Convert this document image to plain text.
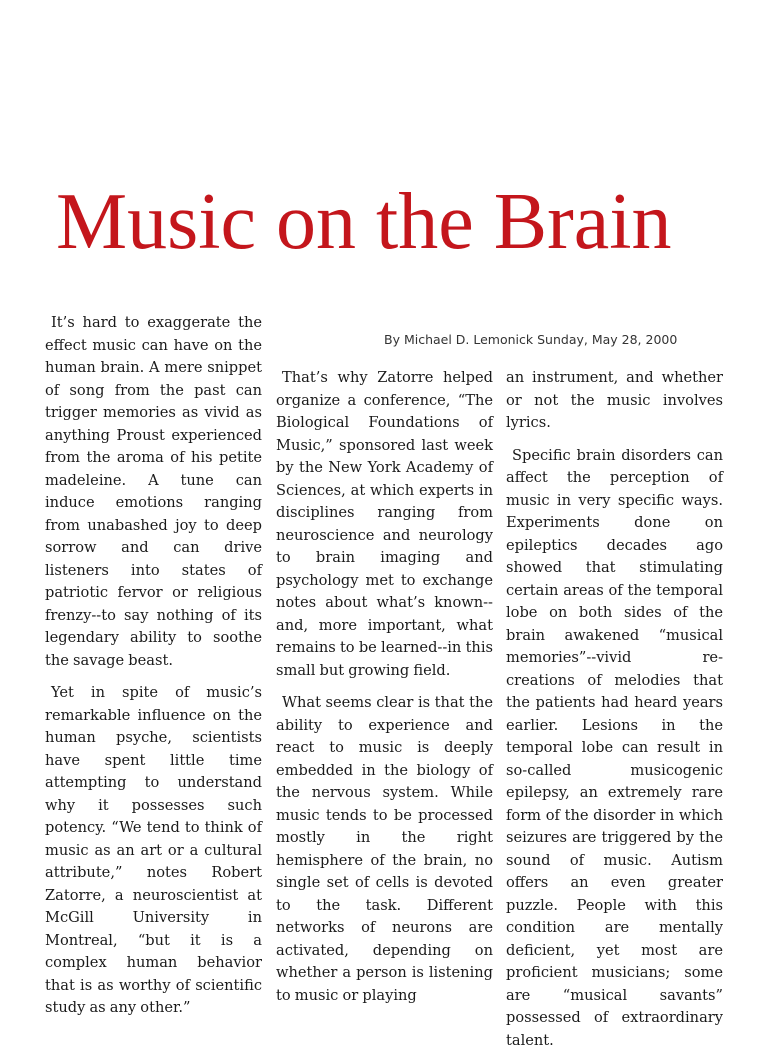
Music on the Brain
By Michael D. Lemonick Sunday, May 28, 2000

It’s hard to exaggerate the effect music can have on the human brain. A mere snippet of song from the past can trigger memories as vivid as anything Proust experienced from the aroma of his petite madeleine. A tune can induce emotions ranging from unabashed joy to deep sorrow and can drive listeners into states of patriotic fervor or religious frenzy--to say nothing of its legendary ability to soothe the savage beast.

Yet in spite of music’s remarkable influence on the human psyche, scientists have spent little time attempting to understand why it possesses such potency. “We tend to think of music as an art or a cultural attribute,” notes Robert Zatorre, a neuroscientist at McGill University in Montreal, “but it is a complex human behavior that is as worthy of scientific study as any other.”

That’s why Zatorre helped organize a conference, “The Biological Foundations of Music,” sponsored last week by the New York Academy of Sciences, at which experts in disciplines ranging from neuroscience and neurology to brain imaging and psychology met to exchange notes about what’s known--and, more important, what remains to be learned--in this small but growing field.

What seems clear is that the ability to experience and react to music is deeply embedded in the biology of the nervous system. While music tends to be processed mostly in the right hemisphere of the brain, no single set of cells is devoted to the task. Different networks of neurons are activated, depending on whether a person is listening to music or playing

an instrument, and whether or not the music involves lyrics.

Specific brain disorders can affect the perception of music in very specific ways. Experiments done on epileptics decades ago showed that stimulating certain areas of the temporal lobe on both sides of the brain awakened “musical memories”--vivid re-creations of melodies that the patients had heard years earlier. Lesions in the temporal lobe can result in so-called musicogenic epilepsy, an extremely rare form of the disorder in which seizures are triggered by the sound of music. Autism offers an even greater puzzle. People with this condition are mentally deficient, yet most are proficient musicians; some are “musical savants” possessed of extraordinary talent.
